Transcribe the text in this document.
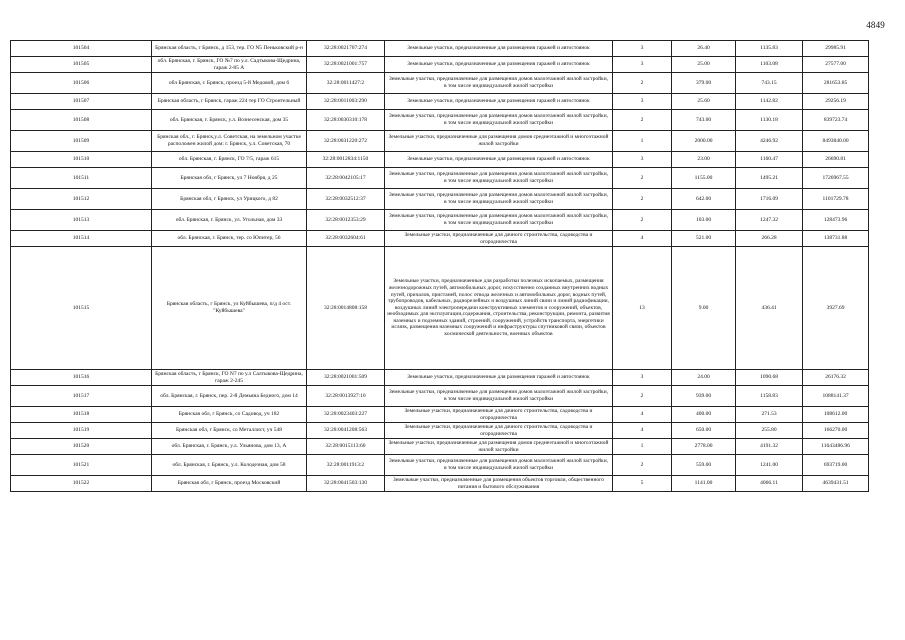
4849
101504	Брянская область, г Брянск, д 153, тер. ГО N5 Пеньковский р-н	32:28:0021707:274	Земельные участки, предназначенные для размещения гаражей и автостоянок	3	26.40	1135.83	29985.91
101505	обл. Брянская, г. Брянск, ГО №7 по у.л. Садтыкова-Щедрина, гараж 2-85 А	32:28:0021001:757	Земельные участки, предназначенные для размещения гаражей и автостоянок	3	25.00	1103.08	27577.00
101506	обл Брянская, г. Брянск, проезд 5-й Медовой, дом 6	32:28:0011427:2	Земельные участки, предназначенные для размещения домов малоэтажной жилой застройки, в том числе индивидуальной жилой застройки	2	379.00	743.15	281653.85
101507	Брянская область, г Брянск, гараж 224 тер ГО Строительный	32:28:0011003:290	Земельные участки, предназначенные для размещения гаражей и автостоянок	3	25.60	1142.82	29256.19
101508	обл. Брянская, г. Брянск, у.л. Вознесенская, дом 35	32:28:0030310:178	Земельные участки, предназначенные для размещения домов малоэтажной жилой застройки, в том числе индивидуальной жилой застройки	2	743.00	1130.18	839723.74
101509	Брянская обл., г. Брянск,у.л. Советская, на земельном участке расположен жилой дом: г. Брянск, у.л. Советская, 70	32:28:0031220:272	Земельные участки, предназначенные для размещения домов среднеэтажной и многоэтажной жилой застройки	1	2000.00	4246.92	8493840.00
101510	обл. Брянская, г. Брянск, ГО 7/5, гараж 615	32:28:0012834:1150	Земельные участки, предназначенные для размещения гаражей и автостоянок	3	23.00	1160.47	26690.81
101511	Брянская обл, г Брянск, ул 7 Ноября, д 25	32:28:0042105:17	Земельные участки, предназначенные для размещения домов малоэтажной жилой застройки, в том числе индивидуальной жилой застройки	2	1155.00	1495.21	1726967.55
101512	Брянская обл, г Брянск, ул Урицкого, д 82	32:28:0032512:37	Земельные участки, предназначенные для размещения домов малоэтажной жилой застройки, в том числе индивидуальной жилой застройки	2	642.00	1716.09	1101729.78
101513	обл. Брянская, г. Брянск, ул. Угольная, дом 33	32:28:0012353:29	Земельные участки, предназначенные для размещения домов малоэтажной жилой застройки, в том числе индивидуальной жилой застройки	2	103.00	1247.32	128473.96
101514	обл. Брянская, г. Брянск, тер. со Юпитер, 56	32:28:0032604:61	Земельные участки, предназначенные для дачного строительства, садоводства и огородничества	4	521.00	266.28	138731.88
101515	Брянская область, г Брянск, ул Куйбышева, п/д 4 ост. "Куйбышева"	32:28:0014808:158	Земельные участки, предназначенные для разработки полезных ископаемых, размещения железнодорожных путей, автомобильных дорог, искусственно созданных внутренних водных путей, причалов, пристаней, полос отвода железных и автомобильных дорог, водных путей, трубопроводов, кабельных, радиорелейных и воздушных линий связи и линий радиофикации, воздушных линий электропередачи конструктивных элементов и сооружений, объектов, необходимых для эксплуатации,содержания, строительства, реконструкции, ремонта, развития наземных и подземных зданий, строений, сооружений, устройств транспорта, энергетики ислязк, размещения наземных сооружений и инфраструктуры спутниковой связи, объектов космической деятельности, военных объектов	13	9.00	436.41	3927.69
101516	Брянская область, г Брянск, ГО N7 по у.л Салтыкова-Щедрина, гараж 2-245	32:28:0021001:509	Земельные участки, предназначенные для размещения гаражей и автостоянок	3	24.00	1090.68	26176.32
101517	обл. Брянская, г. Брянск, пер. 2-й Демьяна Бедного, дом 14	32:28:0013927:10	Земельные участки, предназначенные для размещения домов малоэтажной жилой застройки, в том числе индивидуальной жилой застройки	2	939.00	1158.83	1088141.37
101518	Брянская обл, г Брянск, со Садовод, уч 182	32:28:0023403:227	Земельные участки, предназначенные для дачного строительства, садоводства и огородничества	4	400.00	271.53	108612.00
101519	Брянская обл, г Брянск, со Металлист, уч 548	32:28:0041208:563	Земельные участки, предназначенные для дачного строительства, садоводства и огородничества	4	650.00	255.80	166270.00
101520	обл. Брянская, г. Брянск, у.л. Ульянова, дом 13, А	32:28:0015113:60	Земельные участки, предназначенные для размещения домов среднеэтажной и многоэтажной жилой застройки	1	2778.00	4191.32	11643486.96
101521	обл. Брянская, г. Брянск, у.л. Колодезная, дом 58	32:28:0011913:2	Земельные участки, предназначенные для размещения домов малоэтажной жилой застройки, в том числе индивидуальной жилой застройки	2	559.00	1241.00	693719.00
101522	Брянская обл, г Брянск, проезд Московский	32:28:0041503:130	Земельные участки, предназначенные для размещения объектов торговли, общественного питания и бытового обслуживания	5	1141.00	4066.11	4639431.51
